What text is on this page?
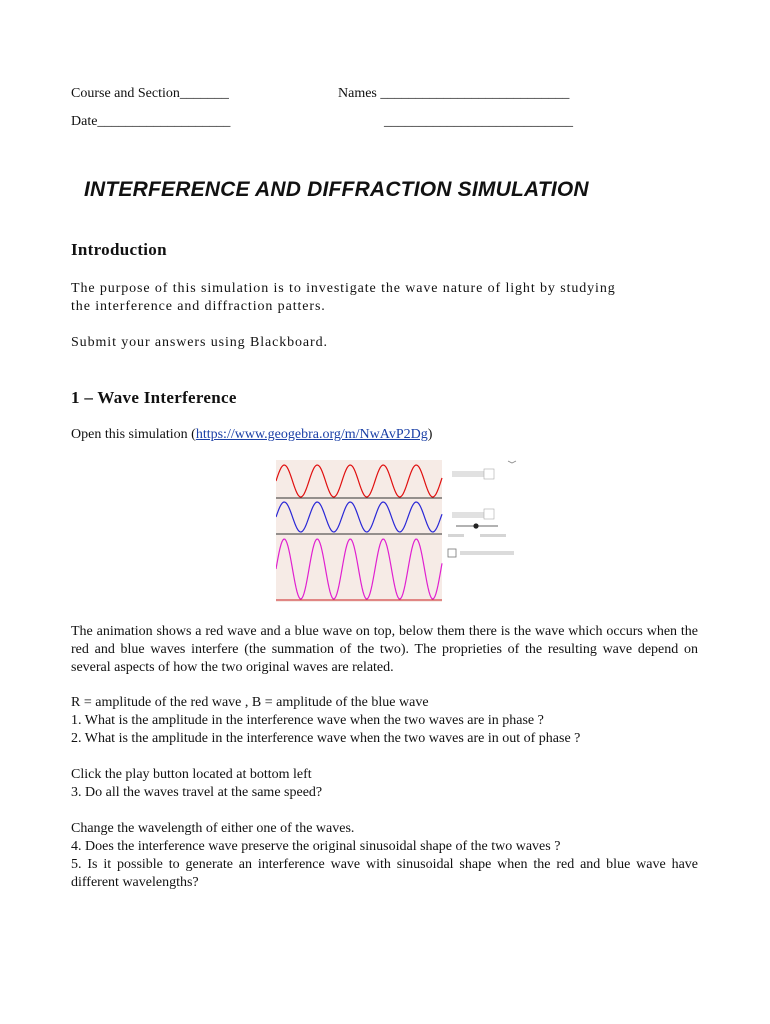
Course and Section_______	Names ___________________________
Date___________________	___________________________
INTERFERENCE AND DIFFRACTION SIMULATION
Introduction
The purpose of this simulation is to investigate the wave nature of light by studying
the interference and diffraction patters.
Submit your answers using Blackboard.
1 – Wave Interference
Open this simulation (https://www.geogebra.org/m/NwAvP2Dg)
The animation shows a red wave and a blue wave on top, below them there is the wave which occurs when the red and blue waves interfere (the summation of the two). The proprieties of the resulting wave depend on several aspects of how the two original waves are related.
R = amplitude of the red wave , B = amplitude of the blue wave
1. What is the amplitude in the interference wave when the two waves are in phase ?
2. What is the amplitude in the interference wave when the two waves are in out of phase ?
Click the play button located at bottom left
3. Do all the waves travel at the same speed?
Change the wavelength of either one of the waves.
4. Does the interference wave preserve the original sinusoidal shape of the two waves ?
5. Is it possible to generate an interference wave with sinusoidal shape when the red and blue wave have different wavelengths?
